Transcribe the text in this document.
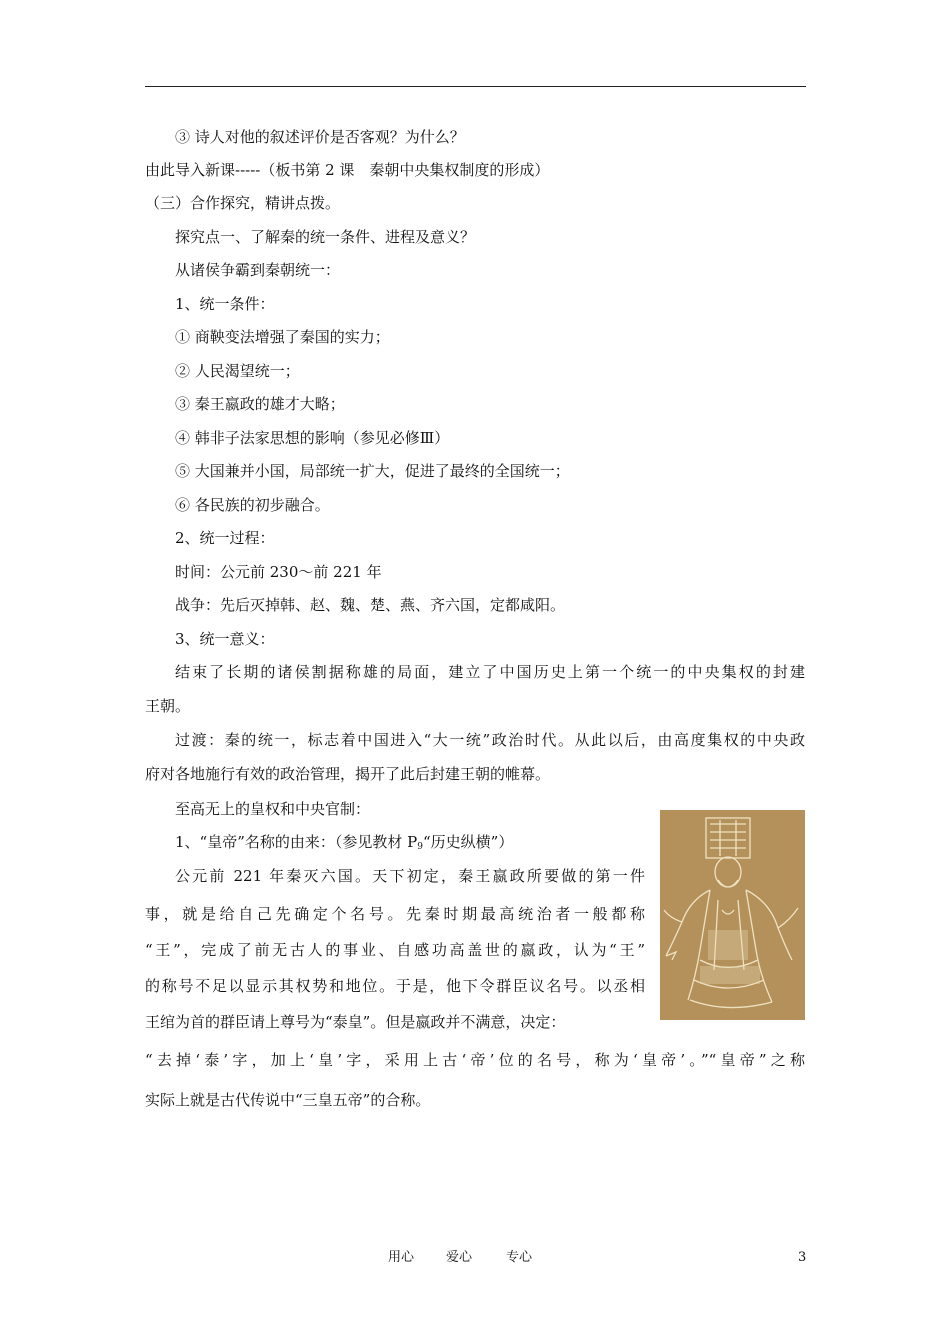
③ 诗人对他的叙述评价是否客观？为什么？
由此导入新课-----（板书第 2 课　秦朝中央集权制度的形成）
（三）合作探究，精讲点拨。
探究点一、了解秦的统一条件、进程及意义？
从诸侯争霸到秦朝统一：
1、统一条件：
① 商鞅变法增强了秦国的实力；
② 人民渴望统一；
③ 秦王嬴政的雄才大略；
④ 韩非子法家思想的影响（参见必修Ⅲ）
⑤ 大国兼并小国，局部统一扩大，促进了最终的全国统一；
⑥ 各民族的初步融合。
2、统一过程：
时间：公元前 230～前 221 年
战争：先后灭掉韩、赵、魏、楚、燕、齐六国，定都咸阳。
3、统一意义：
结束了长期的诸侯割据称雄的局面，建立了中国历史上第一个统一的中央集权的封建
王朝。
过渡：秦的统一，标志着中国进入“大一统”政治时代。从此以后，由高度集权的中央政
府对各地施行有效的政治管理，揭开了此后封建王朝的帷幕。
至高无上的皇权和中央官制：
1、“皇帝”名称的由来：（参见教材 $P_9“$历史纵横”）
公元前 221 年秦灭六国。天下初定，秦王嬴政所要做的第一件
事，就是给自己先确定个名号。先秦时期最高统治者一般都称
“王”，完成了前无古人的事业、自感功高盖世的嬴政，认为“王”
的称号不足以显示其权势和地位。于是，他下令群臣议名号。以丞相
王绾为首的群臣请上尊号为“泰皇”。但是嬴政并不满意，决定：
“去掉‘泰’字，加上‘皇’字，采用上古‘帝’位的名号，称为‘皇帝’。”“皇帝”之称
实际上就是古代传说中“三皇五帝”的合称。
用心 爱心	专心	3
